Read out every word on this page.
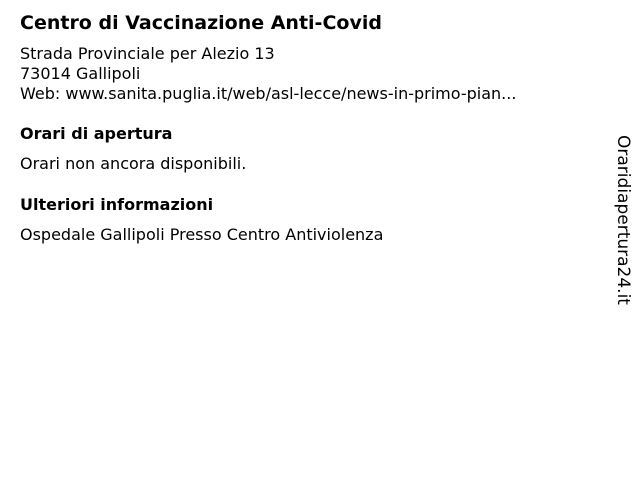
Centro di Vaccinazione Anti-Covid
Strada Provinciale per Alezio 13
73014 Gallipoli
Web: www.sanita.puglia.it/web/asl-lecce/news-in-primo-pian...
Orari di apertura
Orari non ancora disponibili.
Ulteriori informazioni
Ospedale Gallipoli Presso Centro Antiviolenza	Oraridiapertura24.it
